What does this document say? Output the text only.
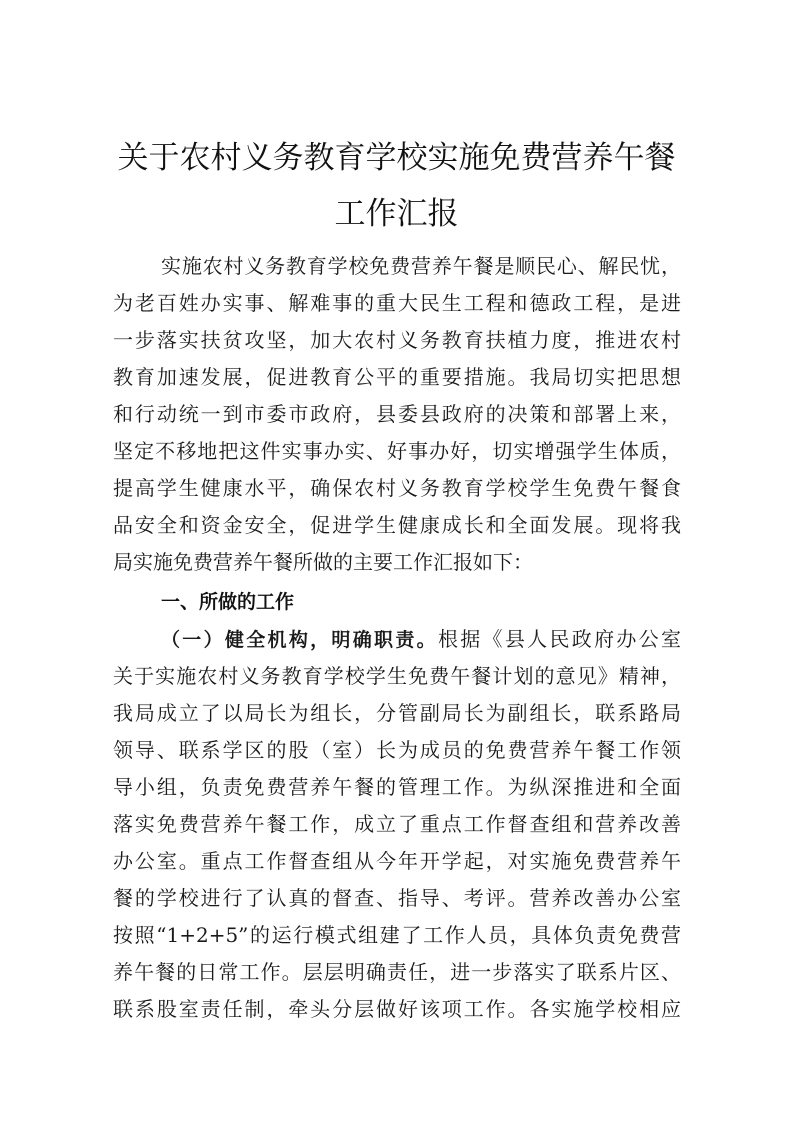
关于农村义务教育学校实施免费营养午餐
工作汇报
实施农村义务教育学校免费营养午餐是顺民心、解民忧，
为老百姓办实事、解难事的重大民生工程和德政工程，是进
一步落实扶贫攻坚，加大农村义务教育扶植力度，推进农村
教育加速发展，促进教育公平的重要措施。我局切实把思想
和行动统一到市委市政府，县委县政府的决策和部署上来，
坚定不移地把这件实事办实、好事办好，切实增强学生体质，
提高学生健康水平，确保农村义务教育学校学生免费午餐食
品安全和资金安全，促进学生健康成长和全面发展。现将我
局实施免费营养午餐所做的主要工作汇报如下：
一、所做的工作
（一）健全机构，明确职责。根据《县人民政府办公室
关于实施农村义务教育学校学生免费午餐计划的意见》精神，
我局成立了以局长为组长，分管副局长为副组长，联系路局
领导、联系学区的股（室）长为成员的免费营养午餐工作领
导小组，负责免费营养午餐的管理工作。为纵深推进和全面
落实免费营养午餐工作，成立了重点工作督查组和营养改善
办公室。重点工作督查组从今年开学起，对实施免费营养午
餐的学校进行了认真的督查、指导、考评。营养改善办公室
按照“1+2+5”的运行模式组建了工作人员，具体负责免费营
养午餐的日常工作。层层明确责任，进一步落实了联系片区、
联系股室责任制，牵头分层做好该项工作。各实施学校相应
